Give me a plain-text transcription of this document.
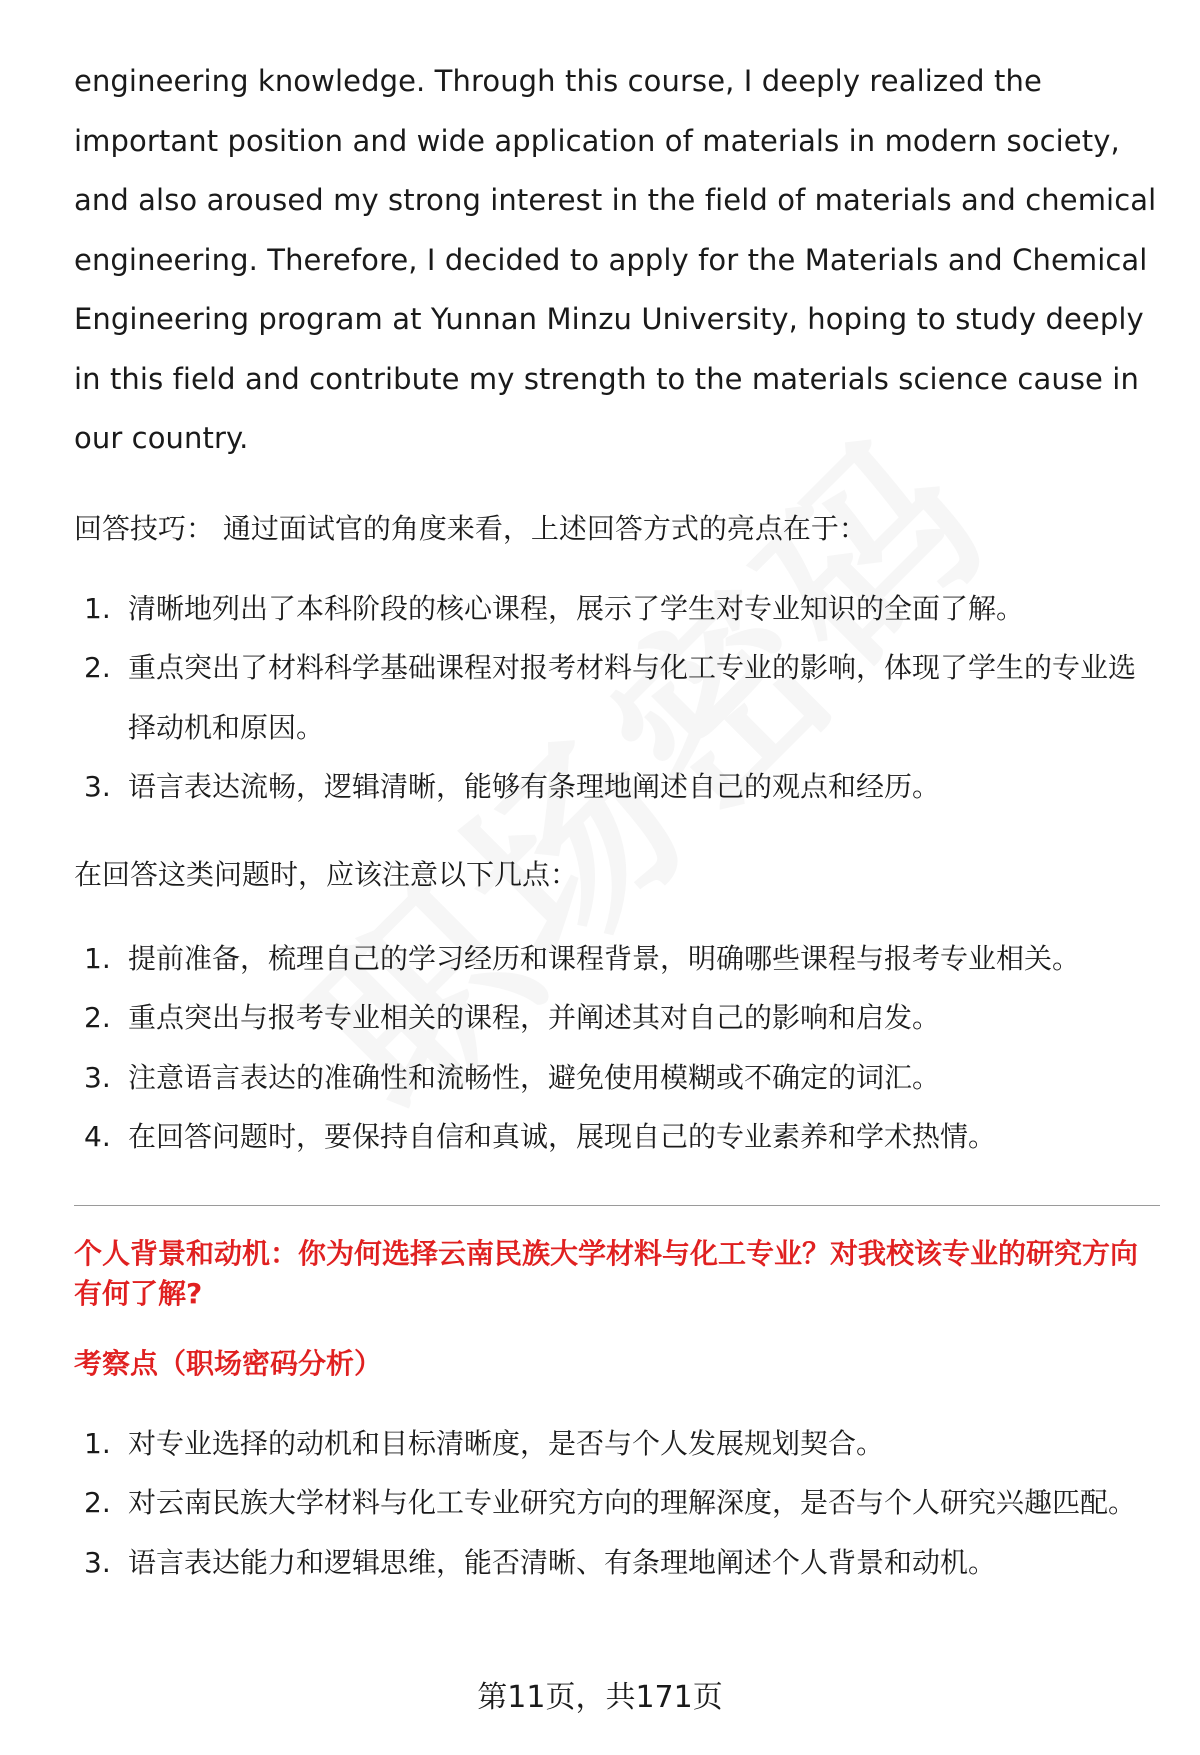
engineering knowledge. Through this course, I deeply realized the important position and wide application of materials in modern society, and also aroused my strong interest in the field of materials and chemical engineering. Therefore, I decided to apply for the Materials and Chemical Engineering program at Yunnan Minzu University, hoping to study deeply in this field and contribute my strength to the materials science cause in our country.

回答技巧： 通过面试官的角度来看，上述回答方式的亮点在于：

1. 清晰地列出了本科阶段的核心课程，展示了学生对专业知识的全面了解。
2. 重点突出了材料科学基础课程对报考材料与化工专业的影响，体现了学生的专业选择动机和原因。
3. 语言表达流畅，逻辑清晰，能够有条理地阐述自己的观点和经历。

在回答这类问题时，应该注意以下几点：

1. 提前准备，梳理自己的学习经历和课程背景，明确哪些课程与报考专业相关。
2. 重点突出与报考专业相关的课程，并阐述其对自己的影响和启发。
3. 注意语言表达的准确性和流畅性，避免使用模糊或不确定的词汇。
4. 在回答问题时，要保持自信和真诚，展现自己的专业素养和学术热情。

个人背景和动机：你为何选择云南民族大学材料与化工专业？对我校该专业的研究方向有何了解?

考察点（职场密码分析）

1. 对专业选择的动机和目标清晰度，是否与个人发展规划契合。
2. 对云南民族大学材料与化工专业研究方向的理解深度，是否与个人研究兴趣匹配。
3. 语言表达能力和逻辑思维，能否清晰、有条理地阐述个人背景和动机。
第11页，共171页
